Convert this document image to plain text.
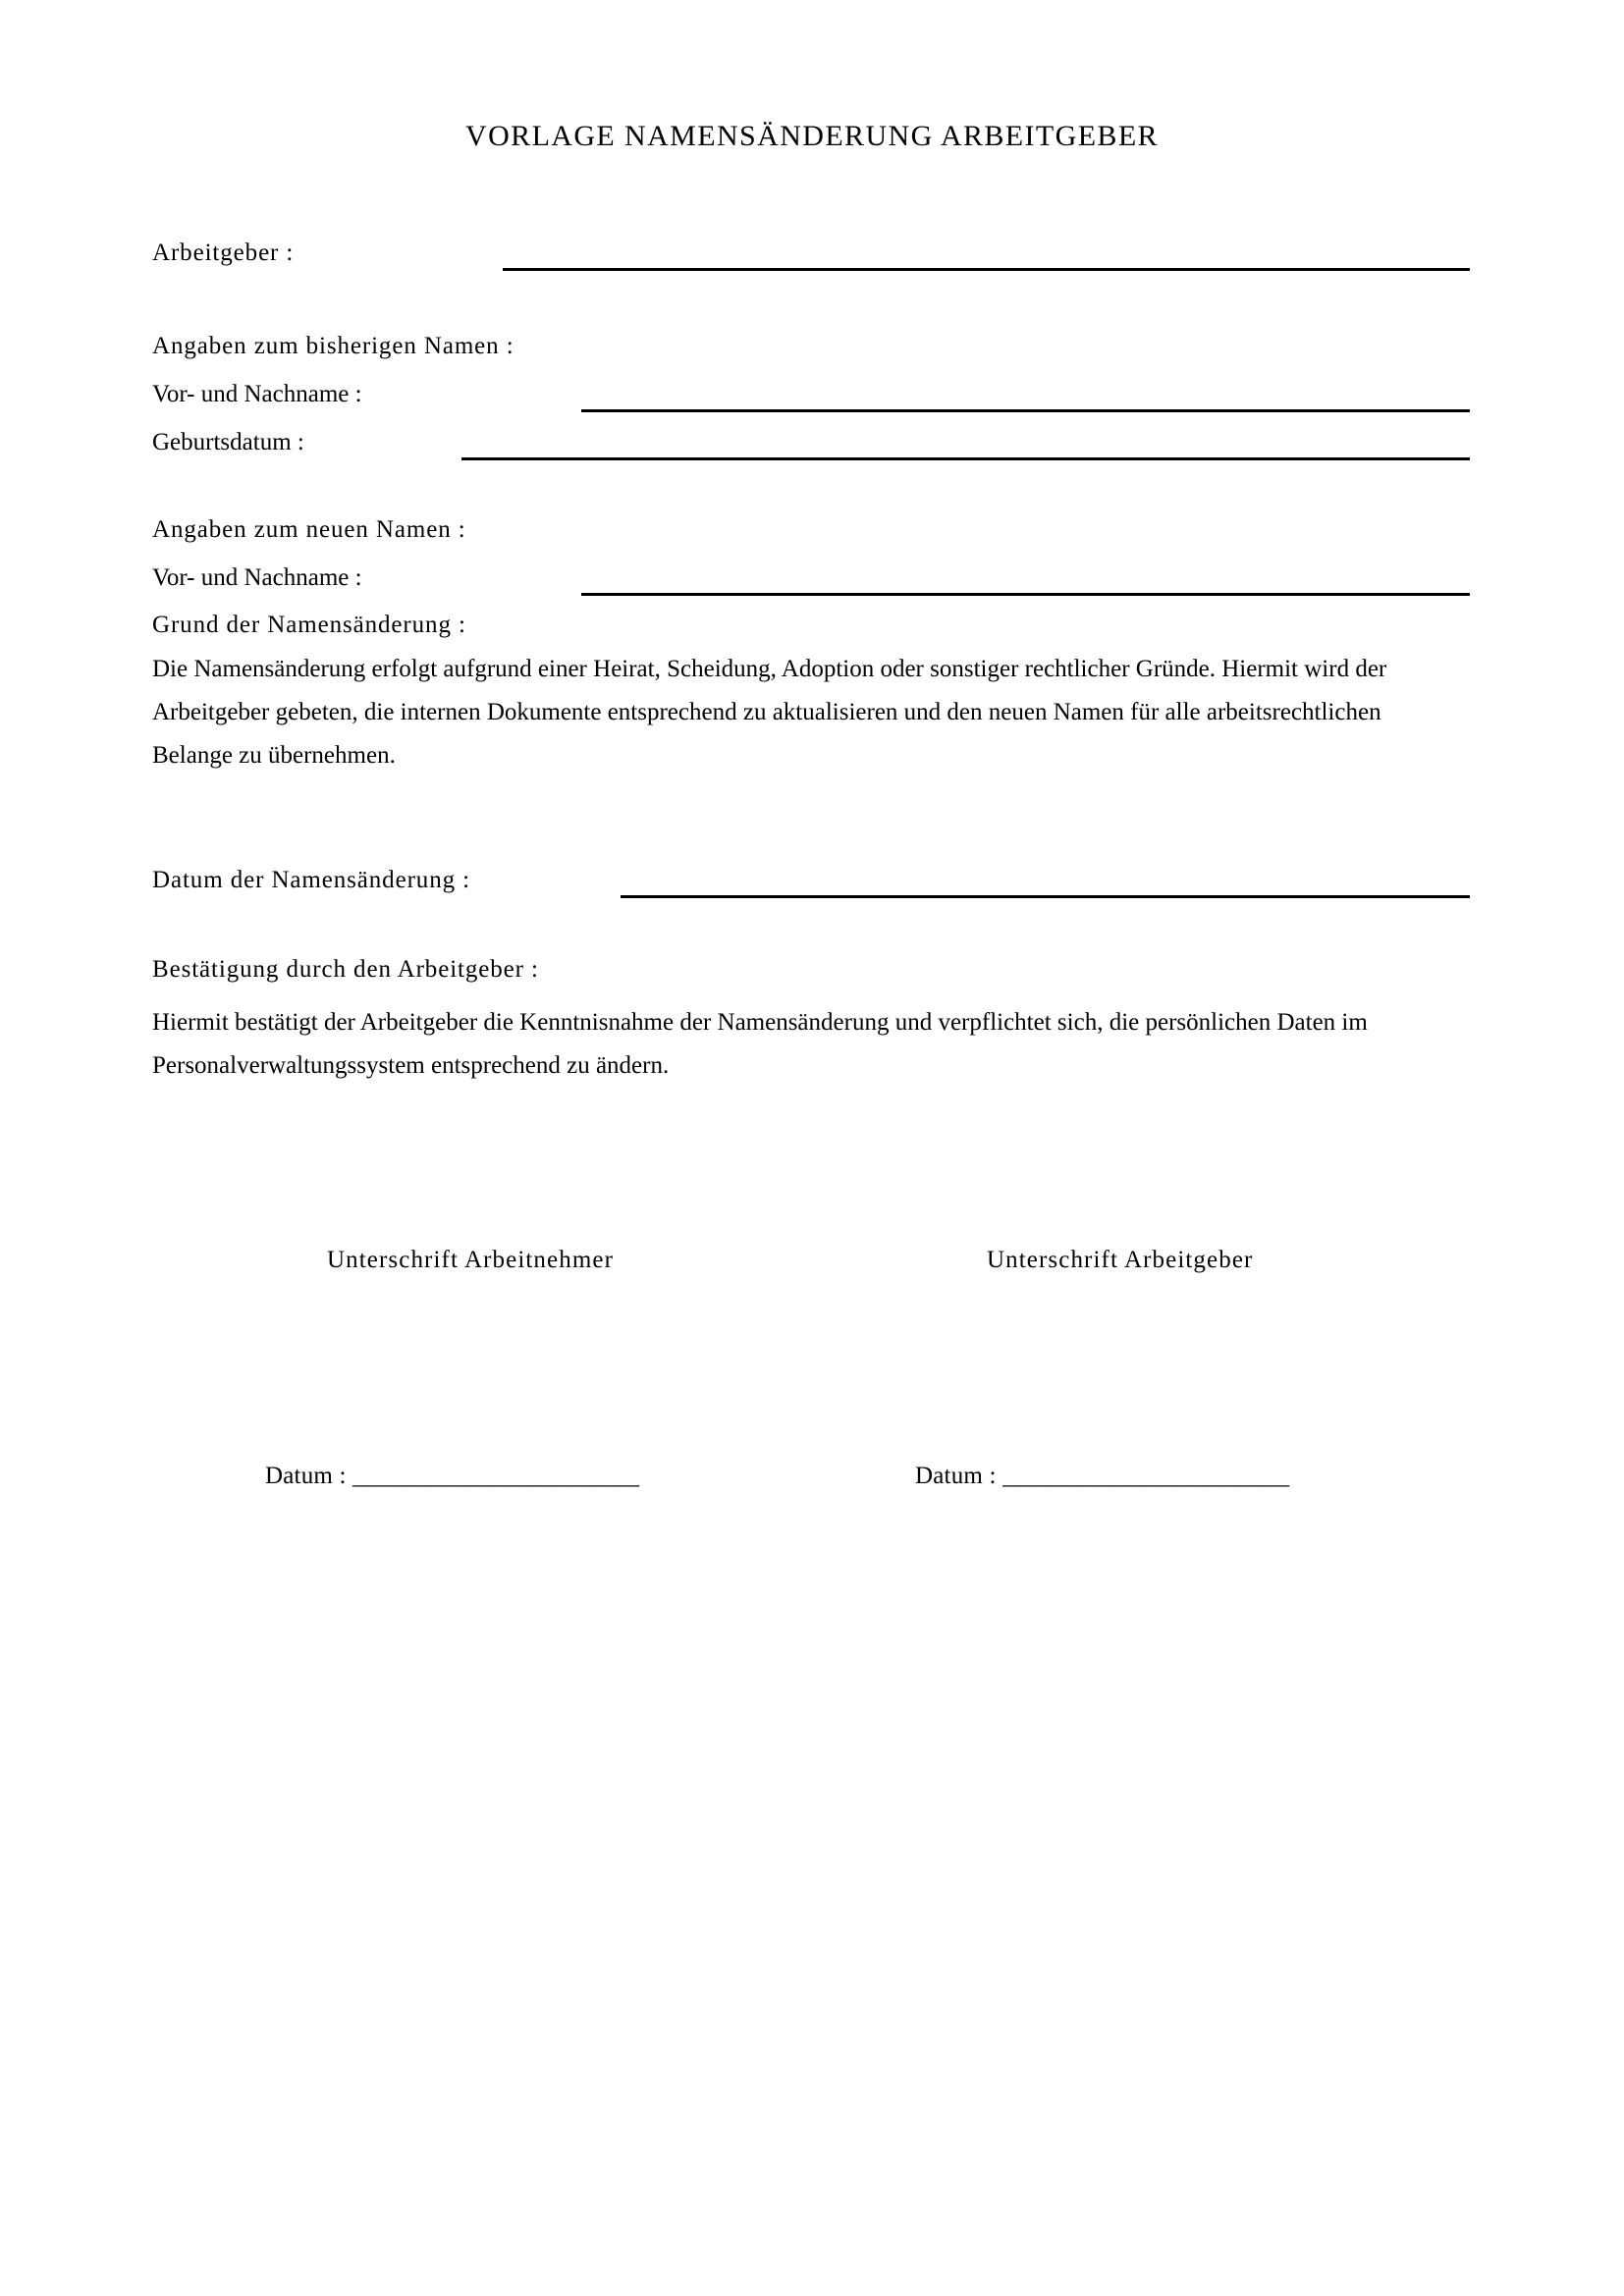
VORLAGE NAMENSÄNDERUNG ARBEITGEBER
Arbeitgeber :
Angaben zum bisherigen Namen :
Vor- und Nachname :
Geburtsdatum :
Angaben zum neuen Namen :
Vor- und Nachname :
Grund der Namensänderung :
Die Namensänderung erfolgt aufgrund einer Heirat, Scheidung, Adoption oder sonstiger rechtlicher Gründe. Hiermit wird der Arbeitgeber gebeten, die internen Dokumente entsprechend zu aktualisieren und den neuen Namen für alle arbeitsrechtlichen Belange zu übernehmen.
Datum der Namensänderung :
Bestätigung durch den Arbeitgeber :
Hiermit bestätigt der Arbeitgeber die Kenntnisnahme der Namensänderung und verpflichtet sich, die persönlichen Daten im Personalverwaltungssystem entsprechend zu ändern.
Unterschrift Arbeitnehmer	Unterschrift Arbeitgeber
Datum : _______________________	Datum : _______________________
